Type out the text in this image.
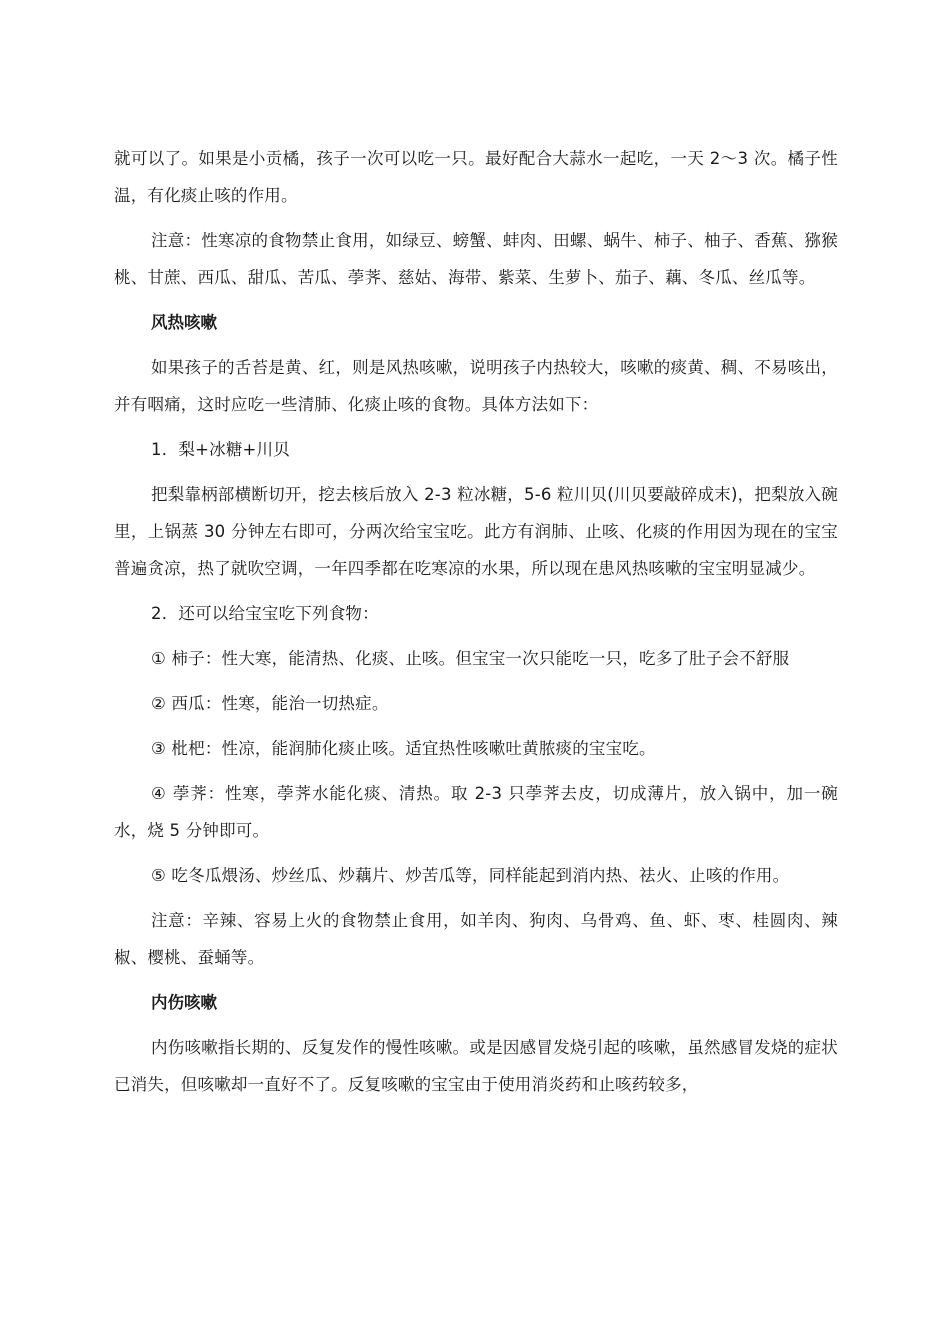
就可以了。如果是小贡橘，孩子一次可以吃一只。最好配合大蒜水一起吃，一天 2～3 次。橘子性温，有化痰止咳的作用。

注意：性寒凉的食物禁止食用，如绿豆、螃蟹、蚌肉、田螺、蜗牛、柿子、柚子、香蕉、猕猴桃、甘蔗、西瓜、甜瓜、苦瓜、荸荠、慈姑、海带、紫菜、生萝卜、茄子、藕、冬瓜、丝瓜等。

风热咳嗽

如果孩子的舌苔是黄、红，则是风热咳嗽，说明孩子内热较大，咳嗽的痰黄、稠、不易咳出，并有咽痛，这时应吃一些清肺、化痰止咳的食物。具体方法如下：

1．梨+冰糖+川贝

把梨靠柄部横断切开，挖去核后放入 2-3 粒冰糖，5-6 粒川贝(川贝要敲碎成末)，把梨放入碗里，上锅蒸 30 分钟左右即可，分两次给宝宝吃。此方有润肺、止咳、化痰的作用因为现在的宝宝普遍贪凉，热了就吹空调，一年四季都在吃寒凉的水果，所以现在患风热咳嗽的宝宝明显减少。

2．还可以给宝宝吃下列食物：

① 柿子：性大寒，能清热、化痰、止咳。但宝宝一次只能吃一只，吃多了肚子会不舒服

② 西瓜：性寒，能治一切热症。

③ 枇杷：性凉，能润肺化痰止咳。适宜热性咳嗽吐黄脓痰的宝宝吃。

④ 荸荠：性寒，荸荠水能化痰、清热。取 2-3 只荸荠去皮，切成薄片，放入锅中，加一碗水，烧 5 分钟即可。

⑤ 吃冬瓜煨汤、炒丝瓜、炒藕片、炒苦瓜等，同样能起到消内热、祛火、止咳的作用。

注意：辛辣、容易上火的食物禁止食用，如羊肉、狗肉、乌骨鸡、鱼、虾、枣、桂圆肉、辣椒、樱桃、蚕蛹等。

内伤咳嗽

内伤咳嗽指长期的、反复发作的慢性咳嗽。或是因感冒发烧引起的咳嗽，虽然感冒发烧的症状已消失，但咳嗽却一直好不了。反复咳嗽的宝宝由于使用消炎药和止咳药较多，
